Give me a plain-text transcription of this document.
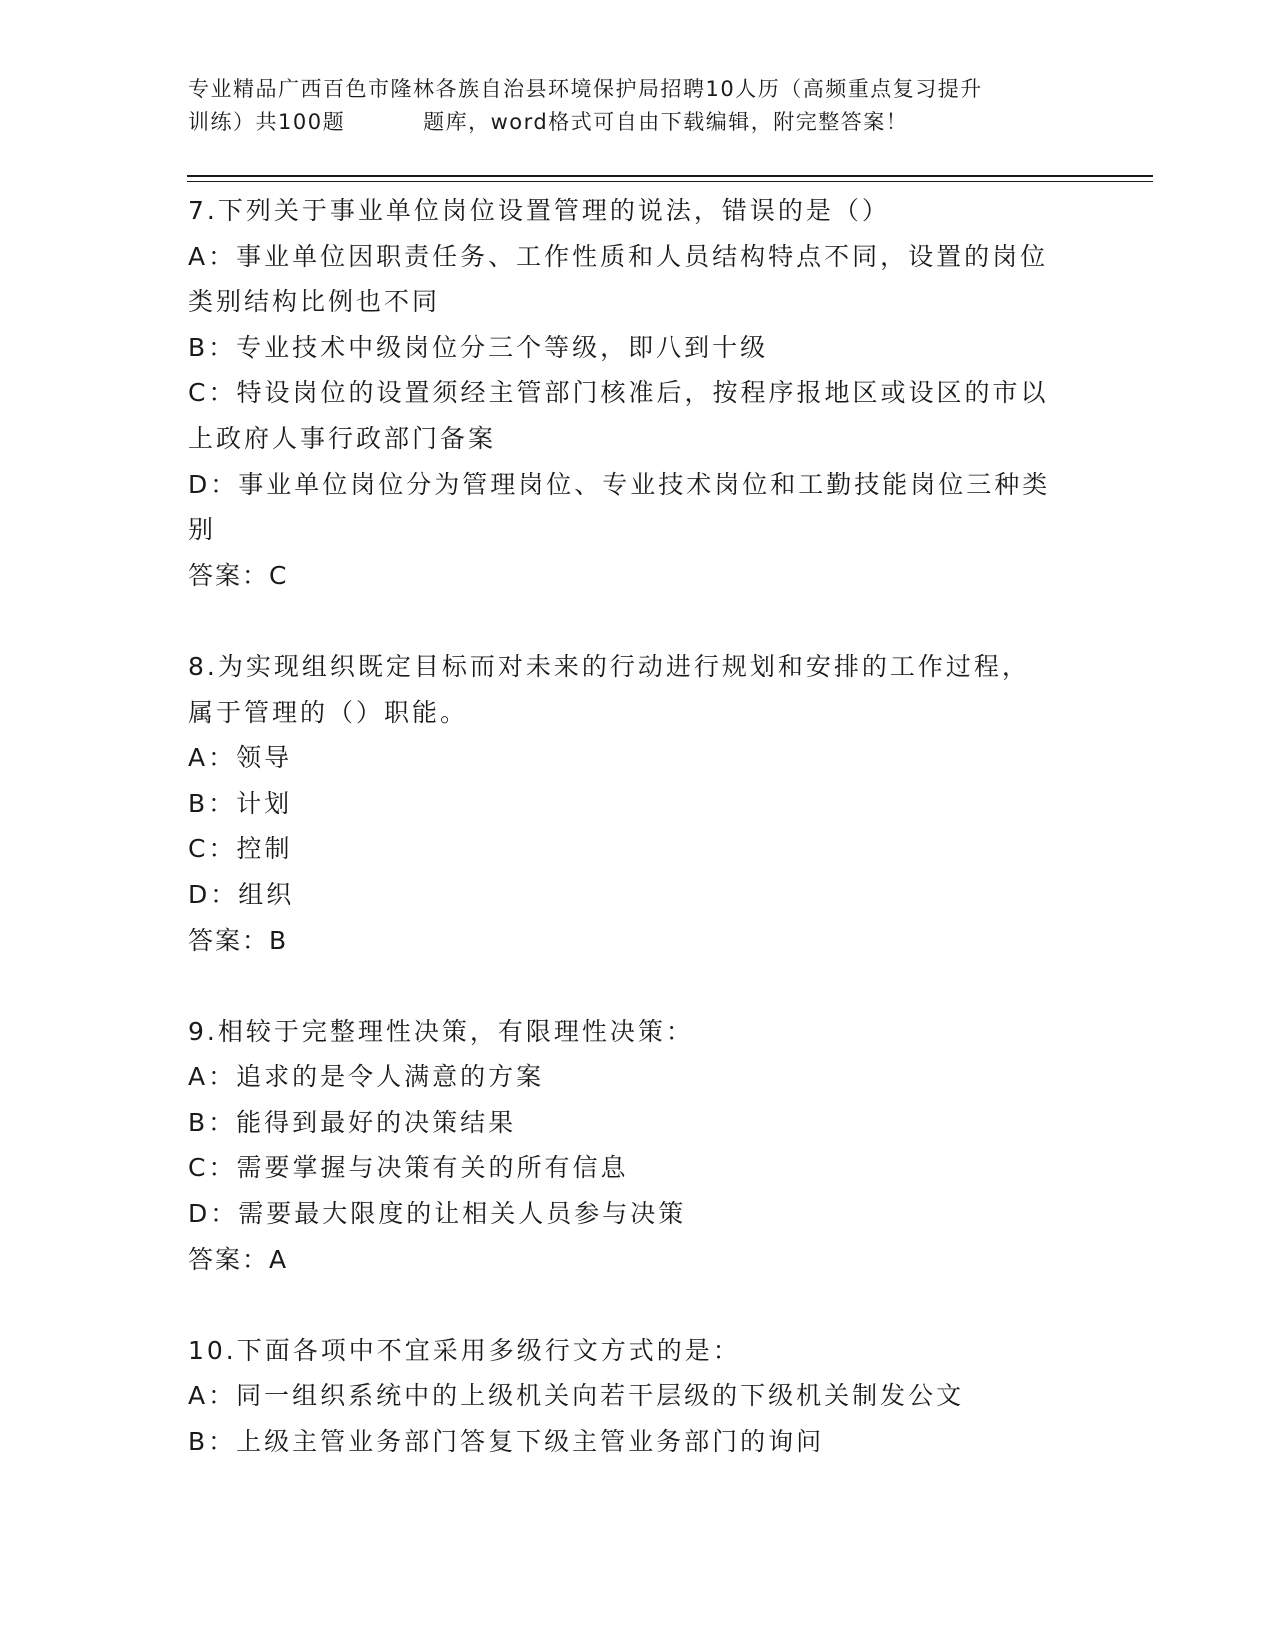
专业精品广西百色市隆林各族自治县环境保护局招聘10人历（高频重点复习提升
训练）共100题	题库，word格式可自由下载编辑，附完整答案！
7.下列关于事业单位岗位设置管理的说法，错误的是（）
A：事业单位因职责任务、工作性质和人员结构特点不同，设置的岗位
类别结构比例也不同
B：专业技术中级岗位分三个等级，即八到十级
C：特设岗位的设置须经主管部门核准后，按程序报地区或设区的市以
上政府人事行政部门备案
D：事业单位岗位分为管理岗位、专业技术岗位和工勤技能岗位三种类
别
答案：C
8.为实现组织既定目标而对未来的行动进行规划和安排的工作过程，
属于管理的（）职能。
A：领导
B：计划
C：控制
D：组织
答案：B
9.相较于完整理性决策，有限理性决策：
A：追求的是令人满意的方案
B：能得到最好的决策结果
C：需要掌握与决策有关的所有信息
D：需要最大限度的让相关人员参与决策
答案：A
10.下面各项中不宜采用多级行文方式的是：
A：同一组织系统中的上级机关向若干层级的下级机关制发公文
B：上级主管业务部门答复下级主管业务部门的询问
